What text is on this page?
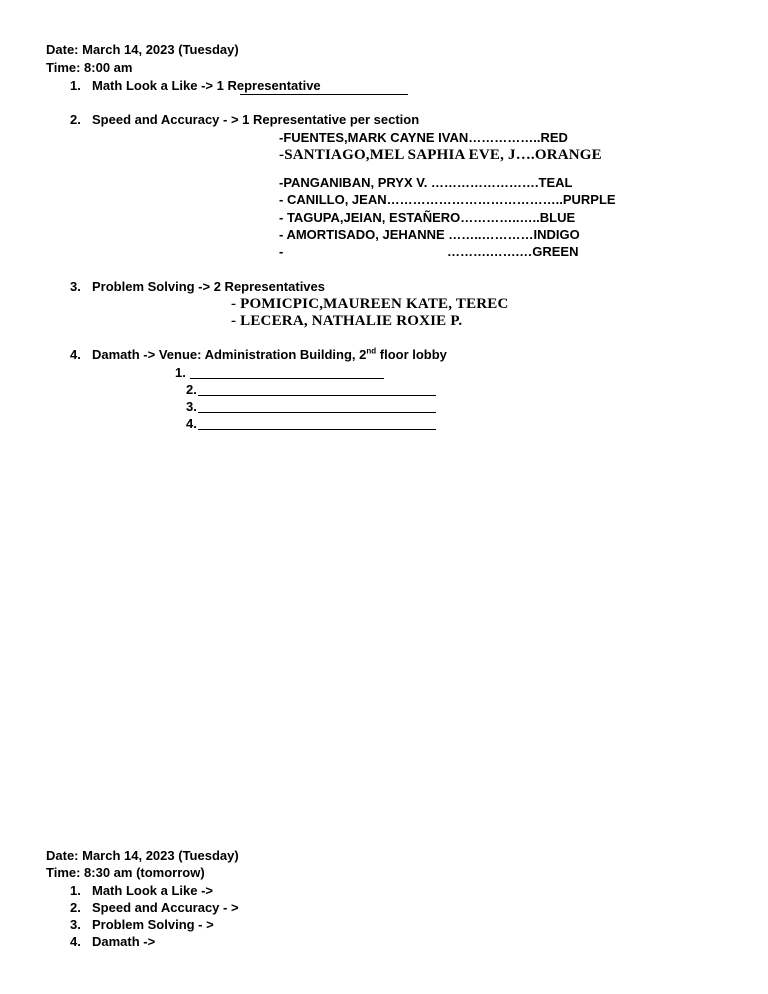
Date: March 14, 2023 (Tuesday)
Time: 8:00 am
1. Math Look a Like -> 1 Representative
2. Speed and Accuracy - > 1 Representative per section
-FUENTES,MARK CAYNE IVAN……………..RED
-SANTIAGO,MEL SAPHIA EVE, J….ORANGE
-PANGANIBAN, PRYX V. …………………….TEAL
- CANILLO, JEAN…………………………………..PURPLE
- TAGUPA,JEIAN, ESTAÑERO…………..…..BLUE
- AMORTISADO, JEHANNE ……..…………INDIGO
-	……….…….…GREEN
3. Problem Solving -> 2 Representatives
- POMICPIC,MAUREEN KATE, TEREC
- LECERA, NATHALIE ROXIE P.
4. Damath -> Venue: Administration Building, 2nd floor lobby
1.
2.
3.
4.
Date: March 14, 2023 (Tuesday)
Time: 8:30 am (tomorrow)
1. Math Look a Like ->
2. Speed and Accuracy - >
3. Problem Solving - >
4. Damath ->
